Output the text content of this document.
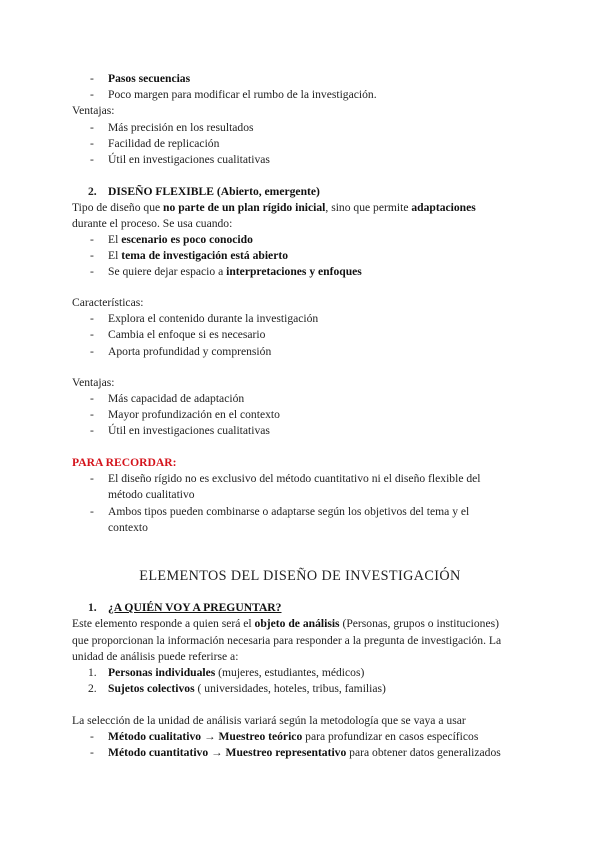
- Pasos secuencias
- Poco margen para modificar el rumbo de la investigación.
Ventajas:
- Más precisión en los resultados
- Facilidad de replicación
- Útil en investigaciones cualitativas
2. DISEÑO FLEXIBLE (Abierto, emergente)
Tipo de diseño que no parte de un plan rígido inicial, sino que permite adaptaciones
durante el proceso. Se usa cuando:
- El escenario es poco conocido
- El tema de investigación está abierto
- Se quiere dejar espacio a interpretaciones y enfoques
Características:
- Explora el contenido durante la investigación
- Cambia el enfoque si es necesario
- Aporta profundidad y comprensión
Ventajas:
- Más capacidad de adaptación
- Mayor profundización en el contexto
- Útil en investigaciones cualitativas
PARA RECORDAR:
- El diseño rígido no es exclusivo del método cuantitativo ni el diseño flexible del
método cualitativo
- Ambos tipos pueden combinarse o adaptarse según los objetivos del tema y el
contexto
ELEMENTOS DEL DISEÑO DE INVESTIGACIÓN
1. ¿A QUIÉN VOY A PREGUNTAR?
Este elemento responde a quien será el objeto de análisis (Personas, grupos o instituciones)
que proporcionan la información necesaria para responder a la pregunta de investigación. La
unidad de análisis puede referirse a:
1. Personas individuales (mujeres, estudiantes, médicos)
2. Sujetos colectivos ( universidades, hoteles, tribus, familias)
La selección de la unidad de análisis variará según la metodología que se vaya a usar
- Método cualitativo → Muestreo teórico para profundizar en casos específicos
- Método cuantitativo → Muestreo representativo para obtener datos generalizados
